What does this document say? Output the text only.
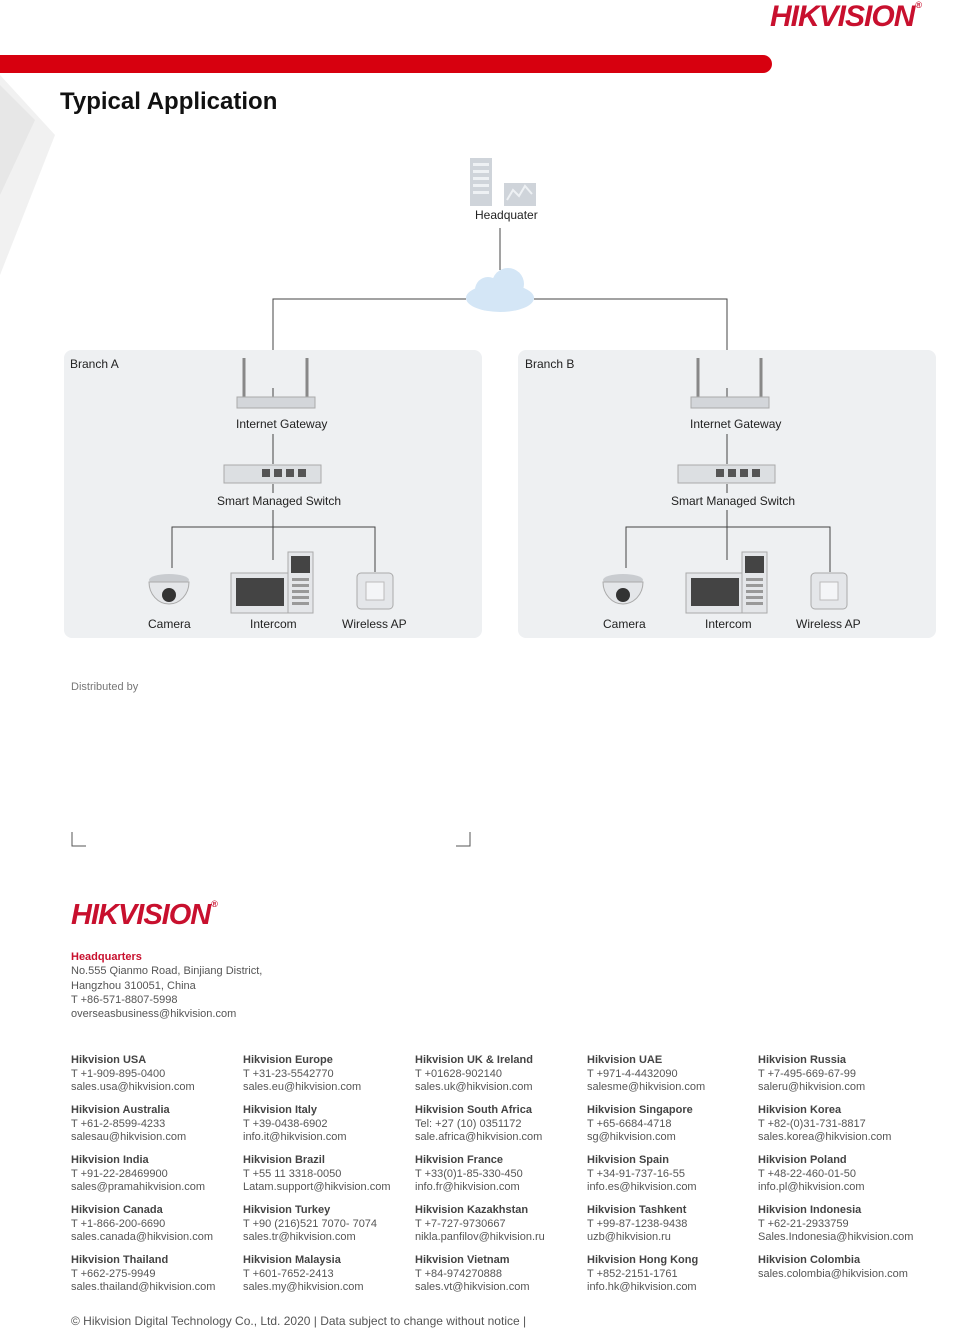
HIKVISION®
Typical Application
Headquater
Branch A
Internet Gateway
Smart Managed Switch
Camera	Intercom	Wireless AP
Branch B
Internet Gateway
Smart Managed Switch
Camera	Intercom	Wireless AP
Distributed by
HIKVISION®
Headquarters
No.555 Qianmo Road, Binjiang District,
Hangzhou 310051, China
T +86-571-8807-5998
overseasbusiness@hikvision.com
Hikvision USA
T +1-909-895-0400
sales.usa@hikvision.com
Hikvision Europe
T +31-23-5542770
sales.eu@hikvision.com
Hikvision UK & Ireland
T +01628-902140
sales.uk@hikvision.com
Hikvision UAE
T +971-4-4432090
salesme@hikvision.com
Hikvision Russia
T +7-495-669-67-99
saleru@hikvision.com
Hikvision Australia
T +61-2-8599-4233
salesau@hikvision.com
Hikvision Italy
T +39-0438-6902
info.it@hikvision.com
Hikvision South Africa
Tel: +27 (10) 0351172
sale.africa@hikvision.com
Hikvision Singapore
T +65-6684-4718
sg@hikvision.com
Hikvision Korea
T +82-(0)31-731-8817
sales.korea@hikvision.com
Hikvision India
T +91-22-28469900
sales@pramahikvision.com
Hikvision Brazil
T +55 11 3318-0050
Latam.support@hikvision.com
Hikvision France
T +33(0)1-85-330-450
info.fr@hikvision.com
Hikvision Spain
T +34-91-737-16-55
info.es@hikvision.com
Hikvision Poland
T +48-22-460-01-50
info.pl@hikvision.com
Hikvision Canada
T +1-866-200-6690
sales.canada@hikvision.com
Hikvision Turkey
T +90 (216)521 7070- 7074
sales.tr@hikvision.com
Hikvision Kazakhstan
T +7-727-9730667
nikla.panfilov@hikvision.ru
Hikvision Tashkent
T +99-87-1238-9438
uzb@hikvision.ru
Hikvision Indonesia
T +62-21-2933759
Sales.Indonesia@hikvision.com
Hikvision Thailand
T +662-275-9949
sales.thailand@hikvision.com
Hikvision Malaysia
T +601-7652-2413
sales.my@hikvision.com
Hikvision Vietnam
T +84-974270888
sales.vt@hikvision.com
Hikvision Hong Kong
T +852-2151-1761
info.hk@hikvision.com
Hikvision Colombia
sales.colombia@hikvision.com
© Hikvision Digital Technology Co., Ltd. 2020 | Data subject to change without notice |
